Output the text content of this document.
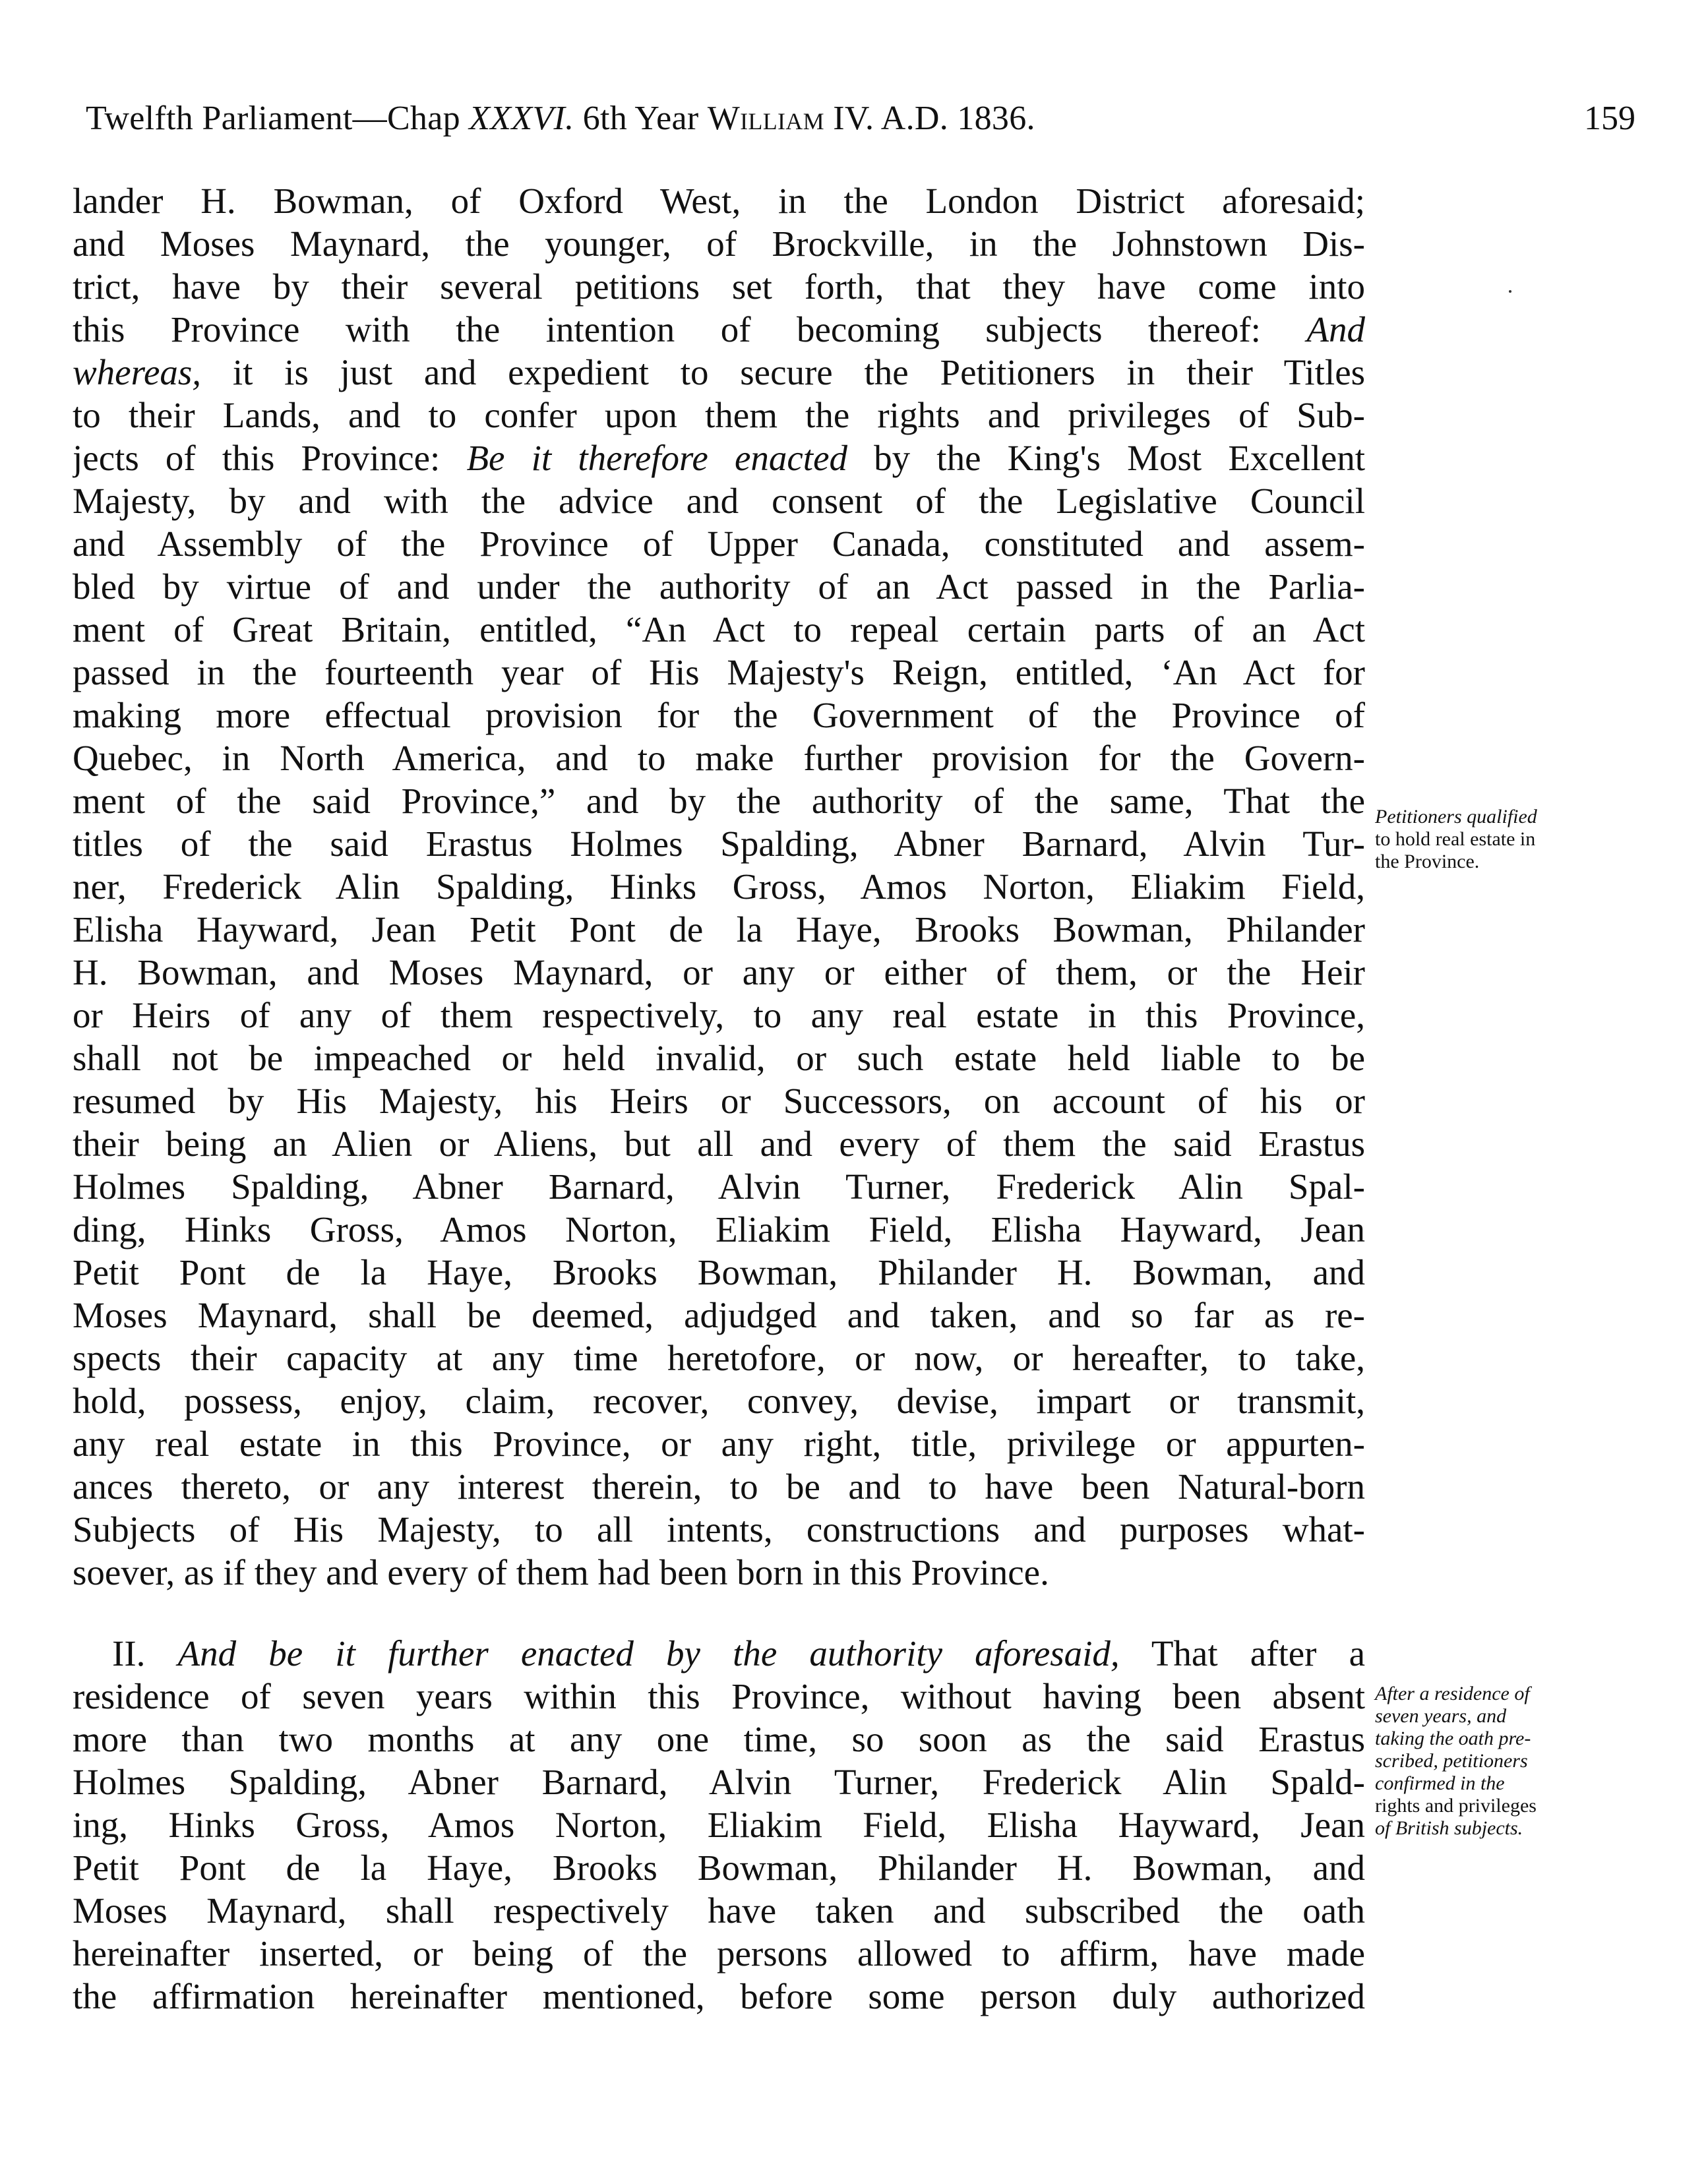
Twelfth Parliament—Chap XXXVI. 6th Year William IV. A.D. 1836.	159
lander H. Bowman, of Oxford West, in the London District aforesaid;
and Moses Maynard, the younger, of Brockville, in the Johnstown Dis-
trict, have by their several petitions set forth, that they have come into
this Province with the intention of becoming subjects thereof: And
whereas, it is just and expedient to secure the Petitioners in their Titles
to their Lands, and to confer upon them the rights and privileges of Sub-
jects of this Province: Be it therefore enacted by the King's Most Excellent
Majesty, by and with the advice and consent of the Legislative Council
and Assembly of the Province of Upper Canada, constituted and assem-
bled by virtue of and under the authority of an Act passed in the Parlia-
ment of Great Britain, entitled, “An Act to repeal certain parts of an Act
passed in the fourteenth year of His Majesty's Reign, entitled, ‘An Act for
making more effectual provision for the Government of the Province of
Quebec, in North America, and to make further provision for the Govern-
ment of the said Province,” and by the authority of the same, That the
titles of the said Erastus Holmes Spalding, Abner Barnard, Alvin Tur-
ner, Frederick Alin Spalding, Hinks Gross, Amos Norton, Eliakim Field,
Elisha Hayward, Jean Petit Pont de la Haye, Brooks Bowman, Philander
H. Bowman, and Moses Maynard, or any or either of them, or the Heir
or Heirs of any of them respectively, to any real estate in this Province,
shall not be impeached or held invalid, or such estate held liable to be
resumed by His Majesty, his Heirs or Successors, on account of his or
their being an Alien or Aliens, but all and every of them the said Erastus
Holmes Spalding, Abner Barnard, Alvin Turner, Frederick Alin Spal-
ding, Hinks Gross, Amos Norton, Eliakim Field, Elisha Hayward, Jean
Petit Pont de la Haye, Brooks Bowman, Philander H. Bowman, and
Moses Maynard, shall be deemed, adjudged and taken, and so far as re-
spects their capacity at any time heretofore, or now, or hereafter, to take,
hold, possess, enjoy, claim, recover, convey, devise, impart or transmit,
any real estate in this Province, or any right, title, privilege or appurten-
ances thereto, or any interest therein, to be and to have been Natural-born
Subjects of His Majesty, to all intents, constructions and purposes what-
soever, as if they and every of them had been born in this Province.
II. And be it further enacted by the authority aforesaid, That after a
residence of seven years within this Province, without having been absent
more than two months at any one time, so soon as the said Erastus
Holmes Spalding, Abner Barnard, Alvin Turner, Frederick Alin Spald-
ing, Hinks Gross, Amos Norton, Eliakim Field, Elisha Hayward, Jean
Petit Pont de la Haye, Brooks Bowman, Philander H. Bowman, and
Moses Maynard, shall respectively have taken and subscribed the oath
hereinafter inserted, or being of the persons allowed to affirm, have made
the affirmation hereinafter mentioned, before some person duly authorized
Petitioners qualified
to hold real estate in
the Province.
After a residence of
seven years, and
taking the oath pre-
scribed, petitioners
confirmed in the
rights and privileges
of British subjects.
